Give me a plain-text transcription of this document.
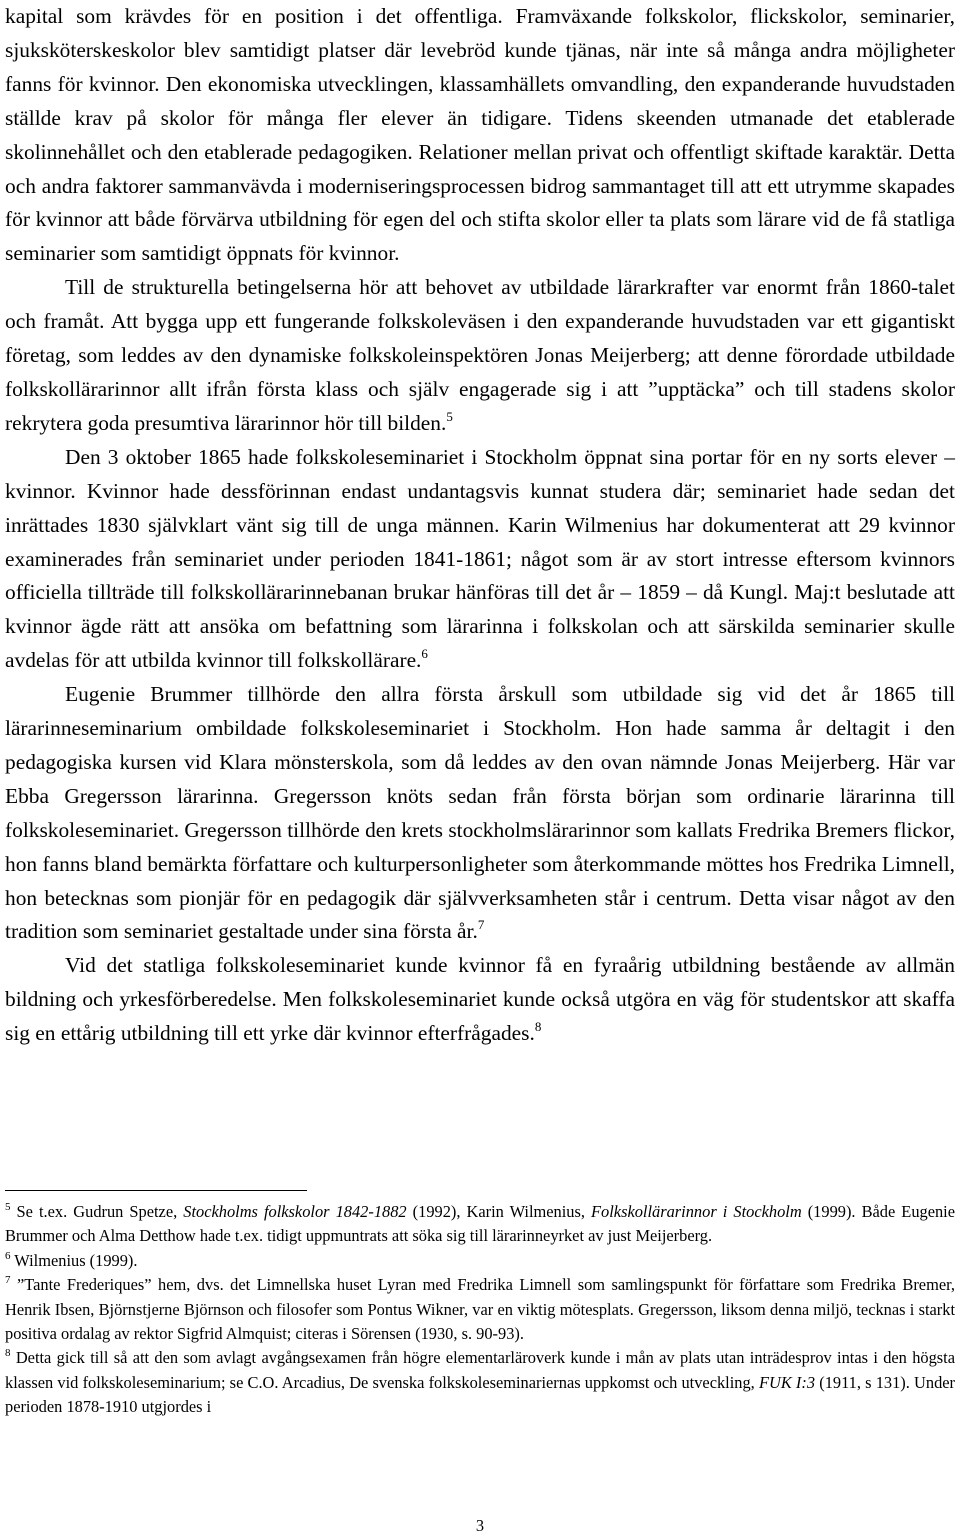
kapital som krävdes för en position i det offentliga. Framväxande folkskolor, flickskolor, seminarier, sjuksköterskeskolor blev samtidigt platser där levebröd kunde tjänas, när inte så många andra möjligheter fanns för kvinnor. Den ekonomiska utvecklingen, klassamhällets omvandling, den expanderande huvudstaden ställde krav på skolor för många fler elever än tidigare. Tidens skeenden utmanade det etablerade skolinnehållet och den etablerade pedagogiken. Relationer mellan privat och offentligt skiftade karaktär. Detta och andra faktorer sammanvävda i moderniseringsprocessen bidrog sammantaget till att ett utrymme skapades för kvinnor att både förvärva utbildning för egen del och stifta skolor eller ta plats som lärare vid de få statliga seminarier som samtidigt öppnats för kvinnor.

Till de strukturella betingelserna hör att behovet av utbildade lärarkrafter var enormt från 1860-talet och framåt. Att bygga upp ett fungerande folkskoleväsen i den expanderande huvudstaden var ett gigantiskt företag, som leddes av den dynamiske folkskoleinspektören Jonas Meijerberg; att denne förordade utbildade folkskollärarinnor allt ifrån första klass och själv engagerade sig i att ”upptäcka” och till stadens skolor rekrytera goda presumtiva lärarinnor hör till bilden.$^5$

Den 3 oktober 1865 hade folkskoleseminariet i Stockholm öppnat sina portar för en ny sorts elever – kvinnor. Kvinnor hade dessförinnan endast undantagsvis kunnat studera där; seminariet hade sedan det inrättades 1830 självklart vänt sig till de unga männen. Karin Wilmenius har dokumenterat att 29 kvinnor examinerades från seminariet under perioden 1841-1861; något som är av stort intresse eftersom kvinnors officiella tillträde till folkskollärarinnebanan brukar hänföras till det år – 1859 – då Kungl. Maj:t beslutade att kvinnor ägde rätt att ansöka om befattning som lärarinna i folkskolan och att särskilda seminarier skulle avdelas för att utbilda kvinnor till folkskollärare.$^6$

Eugenie Brummer tillhörde den allra första årskull som utbildade sig vid det år 1865 till lärarinneseminarium ombildade folkskoleseminariet i Stockholm. Hon hade samma år deltagit i den pedagogiska kursen vid Klara mönsterskola, som då leddes av den ovan nämnde Jonas Meijerberg. Här var Ebba Gregersson lärarinna. Gregersson knöts sedan från första början som ordinarie lärarinna till folkskoleseminariet. Gregersson tillhörde den krets stockholmslärarinnor som kallats Fredrika Bremers flickor, hon fanns bland bemärkta författare och kulturpersonligheter som återkommande möttes hos Fredrika Limnell, hon betecknas som pionjär för en pedagogik där självverksamheten står i centrum. Detta visar något av den tradition som seminariet gestaltade under sina första år.$^7$

Vid det statliga folkskoleseminariet kunde kvinnor få en fyraårig utbildning bestående av allmän bildning och yrkesförberedelse. Men folkskoleseminariet kunde också utgöra en väg för studentskor att skaffa sig en ettårig utbildning till ett yrke där kvinnor efterfrågades.$^8$

$^5$ Se t.ex. Gudrun Spetze, Stockholms folkskolor 1842-1882 (1992), Karin Wilmenius, Folkskollärarinnor i Stockholm (1999). Både Eugenie Brummer och Alma Detthow hade t.ex. tidigt uppmuntrats att söka sig till lärarinneyrket av just Meijerberg.

$^6$ Wilmenius (1999).

$^7$ ”Tante Frederiques” hem, dvs. det Limnellska huset Lyran med Fredrika Limnell som samlingspunkt för författare som Fredrika Bremer, Henrik Ibsen, Björnstjerne Björnson och filosofer som Pontus Wikner, var en viktig mötesplats. Gregersson, liksom denna miljö, tecknas i starkt positiva ordalag av rektor Sigfrid Almquist; citeras i Sörensen (1930, s. 90-93).

$^8$ Detta gick till så att den som avlagt avgångsexamen från högre elementarläroverk kunde i mån av plats utan inträdesprov intas i den högsta klassen vid folkskoleseminarium; se C.O. Arcadius, De svenska folkskoleseminariernas uppkomst och utveckling, FUK I:3 (1911, s 131). Under perioden 1878-1910 utgjordes i

3
